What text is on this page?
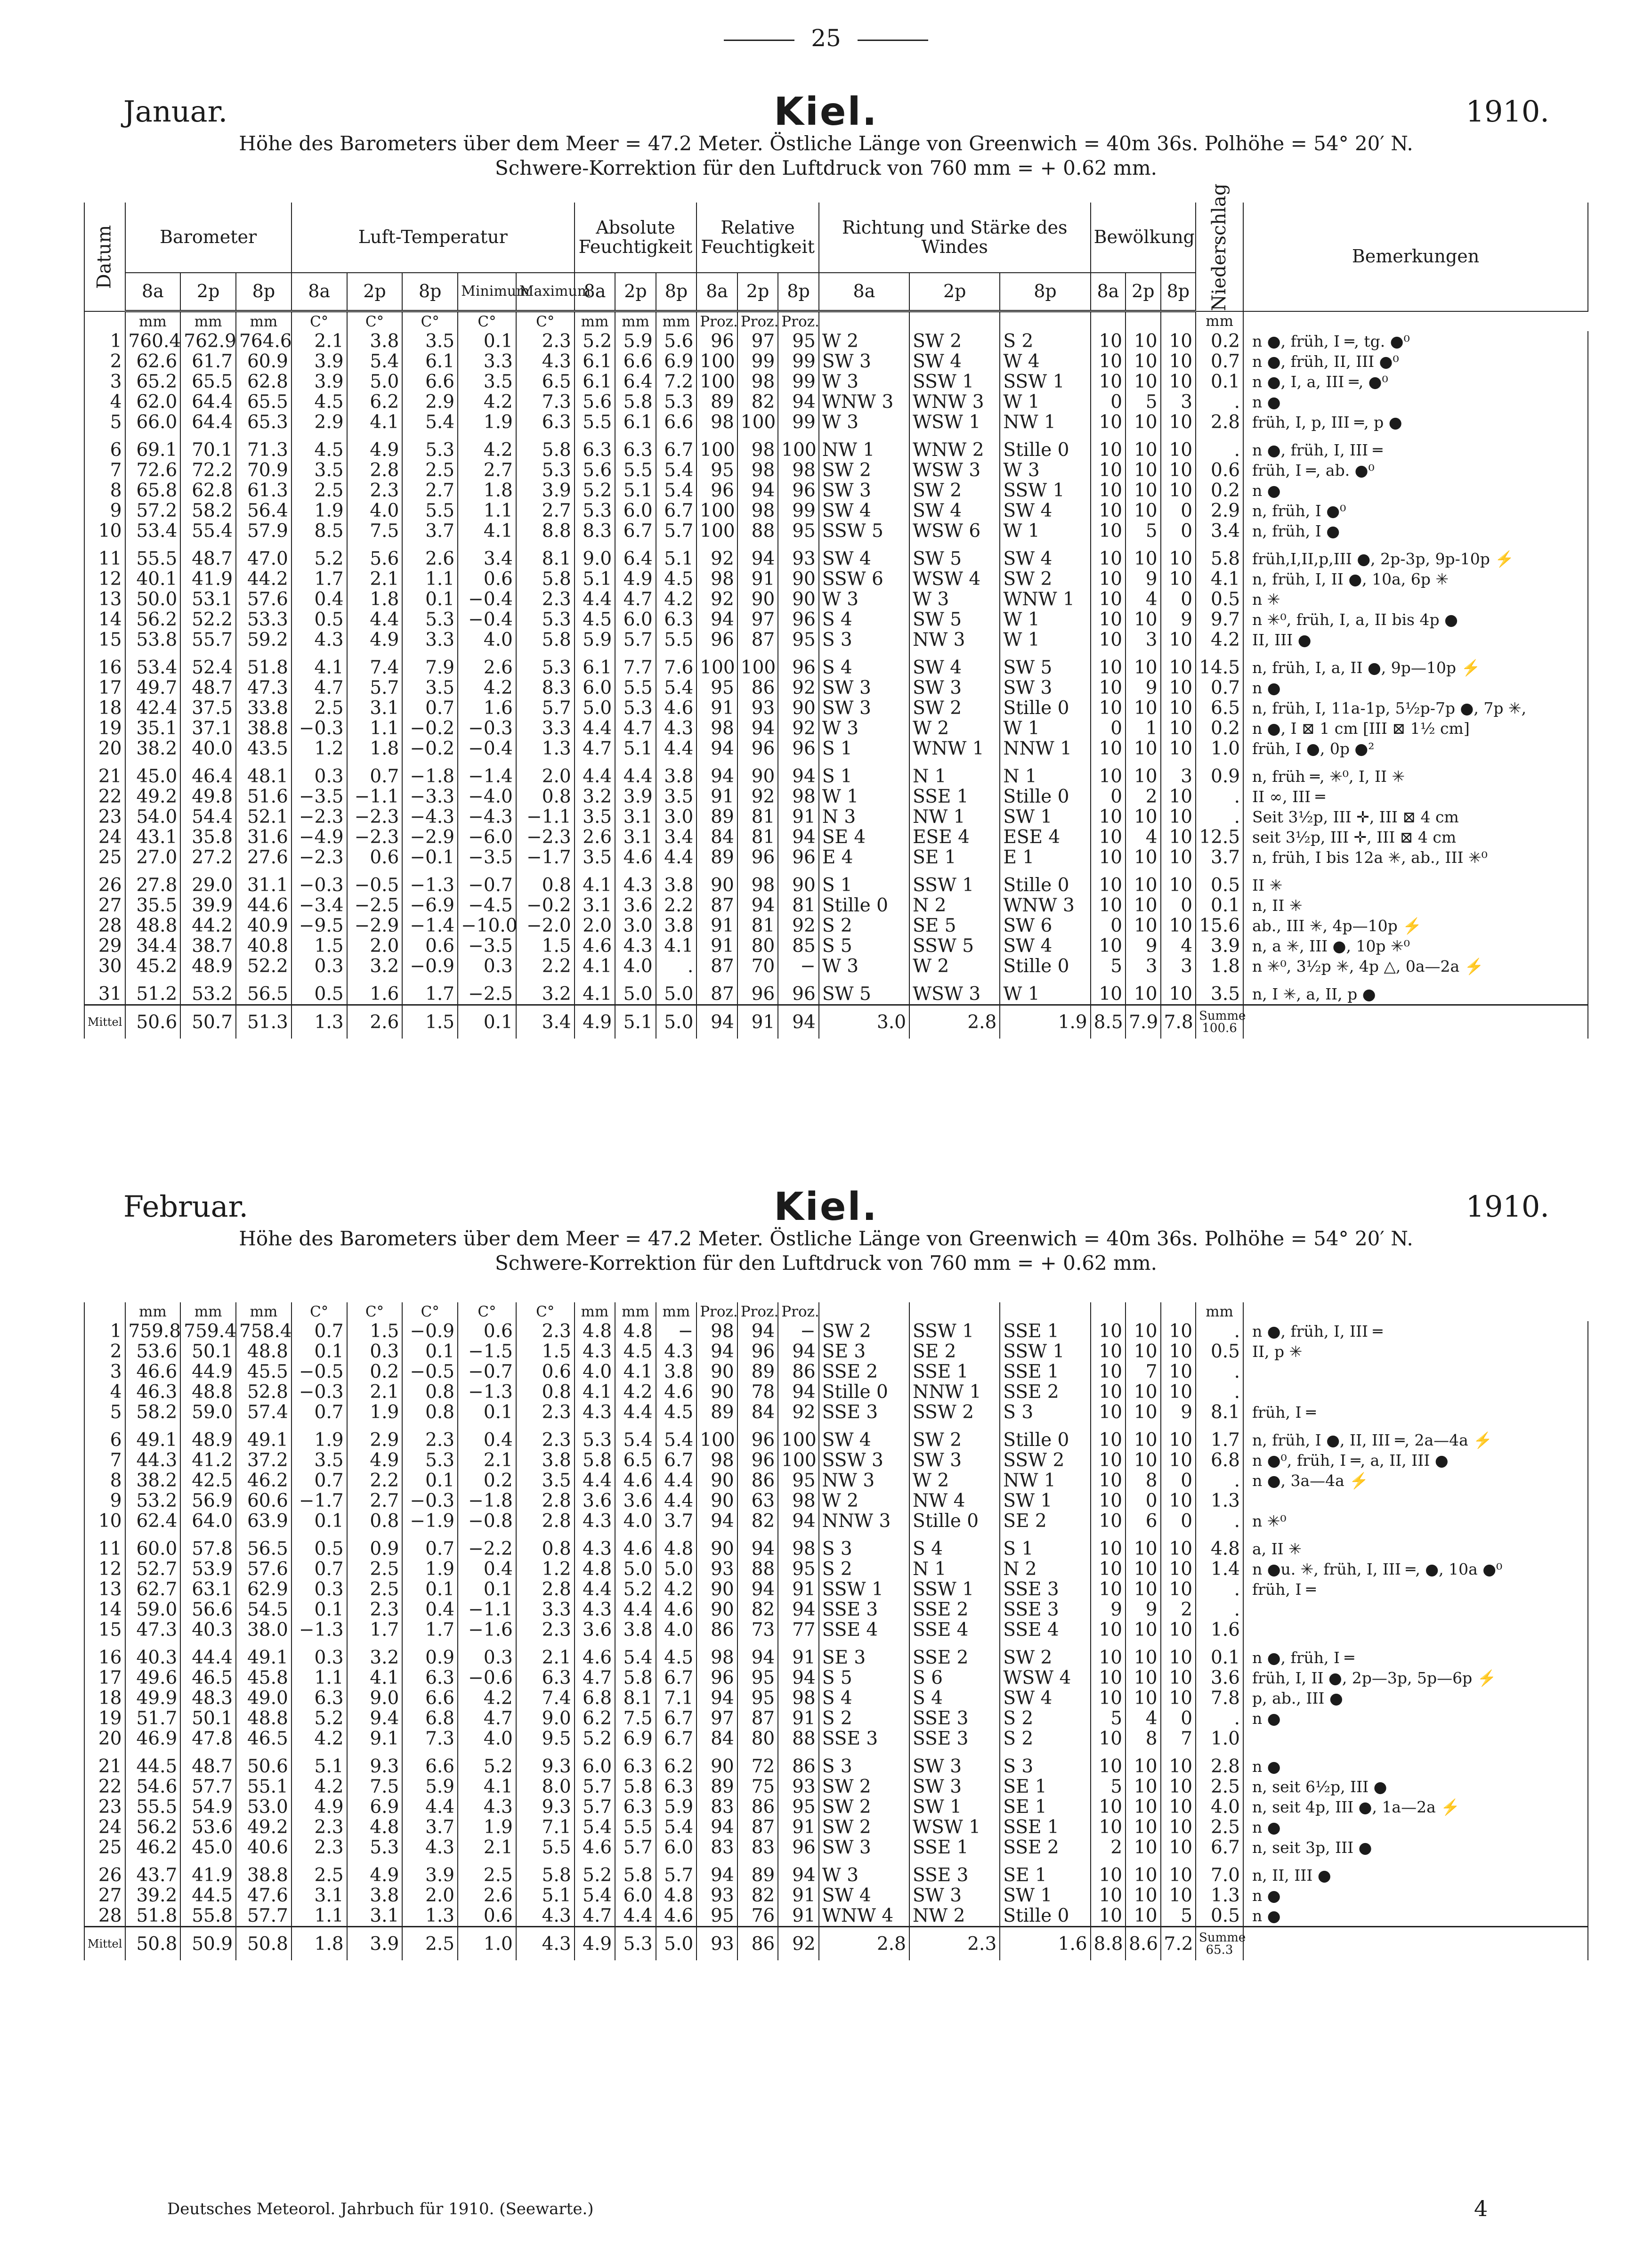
25
Januar.	Kiel.	1910.
Höhe des Barometers über dem Meer = 47.2 Meter. Östliche Länge von Greenwich = 40m 36s. Polhöhe = 54° 20′ N.
Schwere-Korrektion für den Luftdruck von 760 mm = + 0.62 mm.
Datum	Barometer			Luft-Temperatur					Absolute Feuchtigkeit			Relative Feuchtigkeit			Richtung und Stärke des Windes			Bewölkung			Niederschlag	Bemerkungen
	8a	2p	8p	8a	2p	8p	Minimum	Maximum	8a	2p	8p	8a	2p	8p	8a	2p	8p	8a	2p	8p		
	mm	mm	mm	C°	C°	C°	C°	C°	mm	mm	mm	Proz.	Proz.	Proz.							mm	
1	760.4	762.9	764.6	2.1	3.8	3.5	0.1	2.3	5.2	5.9	5.6	96	97	95	W 2	SW 2	S 2	10	10	10	0.2	n ●, früh, I ═, tg. ●⁰
2	62.6	61.7	60.9	3.9	5.4	6.1	3.3	4.3	6.1	6.6	6.9	100	99	99	SW 3	SW 4	W 4	10	10	10	0.7	n ●, früh, II, III ●⁰
3	65.2	65.5	62.8	3.9	5.0	6.6	3.5	6.5	6.1	6.4	7.2	100	98	99	W 3	SSW 1	SSW 1	10	10	10	0.1	n ●, I, a, III ═, ●⁰
4	62.0	64.4	65.5	4.5	6.2	2.9	4.2	7.3	5.6	5.8	5.3	89	82	94	WNW 3	WNW 3	W 1	0	5	3	.	n ●
5	66.0	64.4	65.3	2.9	4.1	5.4	1.9	6.3	5.5	6.1	6.6	98	100	99	W 3	WSW 1	NW 1	10	10	10	2.8	früh, I, p, III ═, p ●

6	69.1	70.1	71.3	4.5	4.9	5.3	4.2	5.8	6.3	6.3	6.7	100	98	100	NW 1	WNW 2	Stille 0	10	10	10	.	n ●, früh, I, III ═
7	72.6	72.2	70.9	3.5	2.8	2.5	2.7	5.3	5.6	5.5	5.4	95	98	98	SW 2	WSW 3	W 3	10	10	10	0.6	früh, I ═, ab. ●⁰
8	65.8	62.8	61.3	2.5	2.3	2.7	1.8	3.9	5.2	5.1	5.4	96	94	96	SW 3	SW 2	SSW 1	10	10	10	0.2	n ●
9	57.2	58.2	56.4	1.9	4.0	5.5	1.1	2.7	5.3	6.0	6.7	100	98	99	SW 4	SW 4	SW 4	10	10	0	2.9	n, früh, I ●⁰
10	53.4	55.4	57.9	8.5	7.5	3.7	4.1	8.8	8.3	6.7	5.7	100	88	95	SSW 5	WSW 6	W 1	10	5	0	3.4	n, früh, I ●

11	55.5	48.7	47.0	5.2	5.6	2.6	3.4	8.1	9.0	6.4	5.1	92	94	93	SW 4	SW 5	SW 4	10	10	10	5.8	früh,I,II,p,III ●, 2p-3p, 9p-10p ⚡
12	40.1	41.9	44.2	1.7	2.1	1.1	0.6	5.8	5.1	4.9	4.5	98	91	90	SSW 6	WSW 4	SW 2	10	9	10	4.1	n, früh, I, II ●, 10a, 6p ✳
13	50.0	53.1	57.6	0.4	1.8	0.1	−0.4	2.3	4.4	4.7	4.2	92	90	90	W 3	W 3	WNW 1	10	4	0	0.5	n ✳
14	56.2	52.2	53.3	0.5	4.4	5.3	−0.4	5.3	4.5	6.0	6.3	94	97	96	S 4	SW 5	W 1	10	10	9	9.7	n ✳⁰, früh, I, a, II bis 4p ●
15	53.8	55.7	59.2	4.3	4.9	3.3	4.0	5.8	5.9	5.7	5.5	96	87	95	S 3	NW 3	W 1	10	3	10	4.2	II, III ●

16	53.4	52.4	51.8	4.1	7.4	7.9	2.6	5.3	6.1	7.7	7.6	100	100	96	S 4	SW 4	SW 5	10	10	10	14.5	n, früh, I, a, II ●, 9p—10p ⚡
17	49.7	48.7	47.3	4.7	5.7	3.5	4.2	8.3	6.0	5.5	5.4	95	86	92	SW 3	SW 3	SW 3	10	9	10	0.7	n ●
18	42.4	37.5	33.8	2.5	3.1	0.7	1.6	5.7	5.0	5.3	4.6	91	93	90	SW 3	SW 2	Stille 0	10	10	10	6.5	n, früh, I, 11a-1p, 5½p-7p ●, 7p ✳,
19	35.1	37.1	38.8	−0.3	1.1	−0.2	−0.3	3.3	4.4	4.7	4.3	98	94	92	W 3	W 2	W 1	0	1	10	0.2	n ●, I ⊠ 1 cm [III ⊠ 1½ cm]
20	38.2	40.0	43.5	1.2	1.8	−0.2	−0.4	1.3	4.7	5.1	4.4	94	96	96	S 1	WNW 1	NNW 1	10	10	10	1.0	früh, I ●, 0p ●²

21	45.0	46.4	48.1	0.3	0.7	−1.8	−1.4	2.0	4.4	4.4	3.8	94	90	94	S 1	N 1	N 1	10	10	3	0.9	n, früh ═, ✳⁰, I, II ✳
22	49.2	49.8	51.6	−3.5	−1.1	−3.3	−4.0	0.8	3.2	3.9	3.5	91	92	98	W 1	SSE 1	Stille 0	0	2	10	.	II ∞, III ═
23	54.0	54.4	52.1	−2.3	−2.3	−4.3	−4.3	−1.1	3.5	3.1	3.0	89	81	91	N 3	NW 1	SW 1	10	10	10	.	Seit 3½p, III ✛, III ⊠ 4 cm
24	43.1	35.8	31.6	−4.9	−2.3	−2.9	−6.0	−2.3	2.6	3.1	3.4	84	81	94	SE 4	ESE 4	ESE 4	10	4	10	12.5	seit 3½p, III ✛, III ⊠ 4 cm
25	27.0	27.2	27.6	−2.3	0.6	−0.1	−3.5	−1.7	3.5	4.6	4.4	89	96	96	E 4	SE 1	E 1	10	10	10	3.7	n, früh, I bis 12a ✳, ab., III ✳⁰

26	27.8	29.0	31.1	−0.3	−0.5	−1.3	−0.7	0.8	4.1	4.3	3.8	90	98	90	S 1	SSW 1	Stille 0	10	10	10	0.5	II ✳
27	35.5	39.9	44.6	−3.4	−2.5	−6.9	−4.5	−0.2	3.1	3.6	2.2	87	94	81	Stille 0	N 2	WNW 3	10	10	0	0.1	n, II ✳
28	48.8	44.2	40.9	−9.5	−2.9	−1.4	−10.0	−2.0	2.0	3.0	3.8	91	81	92	S 2	SE 5	SW 6	0	10	10	15.6	ab., III ✳, 4p—10p ⚡
29	34.4	38.7	40.8	1.5	2.0	0.6	−3.5	1.5	4.6	4.3	4.1	91	80	85	S 5	SSW 5	SW 4	10	9	4	3.9	n, a ✳, III ●, 10p ✳⁰
30	45.2	48.9	52.2	0.3	3.2	−0.9	0.3	2.2	4.1	4.0	.	87	70	−	W 3	W 2	Stille 0	5	3	3	1.8	n ✳⁰, 3½p ✳, 4p △, 0a—2a ⚡

31	51.2	53.2	56.5	0.5	1.6	1.7	−2.5	3.2	4.1	5.0	5.0	87	96	96	SW 5	WSW 3	W 1	10	10	10	3.5	n, I ✳, a, II, p ●
Mittel	50.6	50.7	51.3	1.3	2.6	1.5	0.1	3.4	4.9	5.1	5.0	94	91	94	3.0	2.8	1.9	8.5	7.9	7.8	Summe 100.6	
Februar.	Kiel.	1910.
Höhe des Barometers über dem Meer = 47.2 Meter. Östliche Länge von Greenwich = 40m 36s. Polhöhe = 54° 20′ N.
Schwere-Korrektion für den Luftdruck von 760 mm = + 0.62 mm.
	mm	mm	mm	C°	C°	C°	C°	C°	mm	mm	mm	Proz.	Proz.	Proz.							mm	
1	759.8	759.4	758.4	0.7	1.5	−0.9	0.6	2.3	4.8	4.8	−	98	94	−	SW 2	SSW 1	SSE 1	10	10	10	.	n ●, früh, I, III ═
2	53.6	50.1	48.8	0.1	0.3	0.1	−1.5	1.5	4.3	4.5	4.3	94	96	94	SE 3	SE 2	SSW 1	10	10	10	0.5	II, p ✳
3	46.6	44.9	45.5	−0.5	0.2	−0.5	−0.7	0.6	4.0	4.1	3.8	90	89	86	SSE 2	SSE 1	SSE 1	10	7	10	.	
4	46.3	48.8	52.8	−0.3	2.1	0.8	−1.3	0.8	4.1	4.2	4.6	90	78	94	Stille 0	NNW 1	SSE 2	10	10	10	.	
5	58.2	59.0	57.4	0.7	1.9	0.8	0.1	2.3	4.3	4.4	4.5	89	84	92	SSE 3	SSW 2	S 3	10	10	9	8.1	früh, I ═

6	49.1	48.9	49.1	1.9	2.9	2.3	0.4	2.3	5.3	5.4	5.4	100	96	100	SW 4	SW 2	Stille 0	10	10	10	1.7	n, früh, I ●, II, III ═, 2a—4a ⚡
7	44.3	41.2	37.2	3.5	4.9	5.3	2.1	3.8	5.8	6.5	6.7	98	96	100	SSW 3	SW 3	SSW 2	10	10	10	6.8	n ●⁰, früh, I ═, a, II, III ●
8	38.2	42.5	46.2	0.7	2.2	0.1	0.2	3.5	4.4	4.6	4.4	90	86	95	NW 3	W 2	NW 1	10	8	0	.	n ●, 3a—4a ⚡
9	53.2	56.9	60.6	−1.7	2.7	−0.3	−1.8	2.8	3.6	3.6	4.4	90	63	98	W 2	NW 4	SW 1	10	0	10	1.3	
10	62.4	64.0	63.9	0.1	0.8	−1.9	−0.8	2.8	4.3	4.0	3.7	94	82	94	NNW 3	Stille 0	SE 2	10	6	0	.	n ✳⁰

11	60.0	57.8	56.5	0.5	0.9	0.7	−2.2	0.8	4.3	4.6	4.8	90	94	98	S 3	S 4	S 1	10	10	10	4.8	a, II ✳
12	52.7	53.9	57.6	0.7	2.5	1.9	0.4	1.2	4.8	5.0	5.0	93	88	95	S 2	N 1	N 2	10	10	10	1.4	n ●u. ✳, früh, I, III ═, ●, 10a ●⁰
13	62.7	63.1	62.9	0.3	2.5	0.1	0.1	2.8	4.4	5.2	4.2	90	94	91	SSW 1	SSW 1	SSE 3	10	10	10	.	früh, I ═
14	59.0	56.6	54.5	0.1	2.3	0.4	−1.1	3.3	4.3	4.4	4.6	90	82	94	SSE 3	SSE 2	SSE 3	9	9	2	.	
15	47.3	40.3	38.0	−1.3	1.7	1.7	−1.6	2.3	3.6	3.8	4.0	86	73	77	SSE 4	SSE 4	SSE 4	10	10	10	1.6	

16	40.3	44.4	49.1	0.3	3.2	0.9	0.3	2.1	4.6	5.4	4.5	98	94	91	SE 3	SSE 2	SW 2	10	10	10	0.1	n ●, früh, I ═
17	49.6	46.5	45.8	1.1	4.1	6.3	−0.6	6.3	4.7	5.8	6.7	96	95	94	S 5	S 6	WSW 4	10	10	10	3.6	früh, I, II ●, 2p—3p, 5p—6p ⚡
18	49.9	48.3	49.0	6.3	9.0	6.6	4.2	7.4	6.8	8.1	7.1	94	95	98	S 4	S 4	SW 4	10	10	10	7.8	p, ab., III ●
19	51.7	50.1	48.8	5.2	9.4	6.8	4.7	9.0	6.2	7.5	6.7	97	87	91	S 2	SSE 3	S 2	5	4	0	.	n ●
20	46.9	47.8	46.5	4.2	9.1	7.3	4.0	9.5	5.2	6.9	6.7	84	80	88	SSE 3	SSE 3	S 2	10	8	7	1.0	

21	44.5	48.7	50.6	5.1	9.3	6.6	5.2	9.3	6.0	6.3	6.2	90	72	86	S 3	SW 3	S 3	10	10	10	2.8	n ●
22	54.6	57.7	55.1	4.2	7.5	5.9	4.1	8.0	5.7	5.8	6.3	89	75	93	SW 2	SW 3	SE 1	5	10	10	2.5	n, seit 6½p, III ●
23	55.5	54.9	53.0	4.9	6.9	4.4	4.3	9.3	5.7	6.3	5.9	83	86	95	SW 2	SW 1	SE 1	10	10	10	4.0	n, seit 4p, III ●, 1a—2a ⚡
24	56.2	53.6	49.2	2.3	4.8	3.7	1.9	7.1	5.4	5.5	5.4	94	87	91	SW 2	WSW 1	SSE 1	10	10	10	2.5	n ●
25	46.2	45.0	40.6	2.3	5.3	4.3	2.1	5.5	4.6	5.7	6.0	83	83	96	SW 3	SSE 1	SSE 2	2	10	10	6.7	n, seit 3p, III ●

26	43.7	41.9	38.8	2.5	4.9	3.9	2.5	5.8	5.2	5.8	5.7	94	89	94	W 3	SSE 3	SE 1	10	10	10	7.0	n, II, III ●
27	39.2	44.5	47.6	3.1	3.8	2.0	2.6	5.1	5.4	6.0	4.8	93	82	91	SW 4	SW 3	SW 1	10	10	10	1.3	n ●
28	51.8	55.8	57.7	1.1	3.1	1.3	0.6	4.3	4.7	4.4	4.6	95	76	91	WNW 4	NW 2	Stille 0	10	10	5	0.5	n ●
Mittel	50.8	50.9	50.8	1.8	3.9	2.5	1.0	4.3	4.9	5.3	5.0	93	86	92	2.8	2.3	1.6	8.8	8.6	7.2	Summe 65.3	
Deutsches Meteorol. Jahrbuch für 1910. (Seewarte.)	4
